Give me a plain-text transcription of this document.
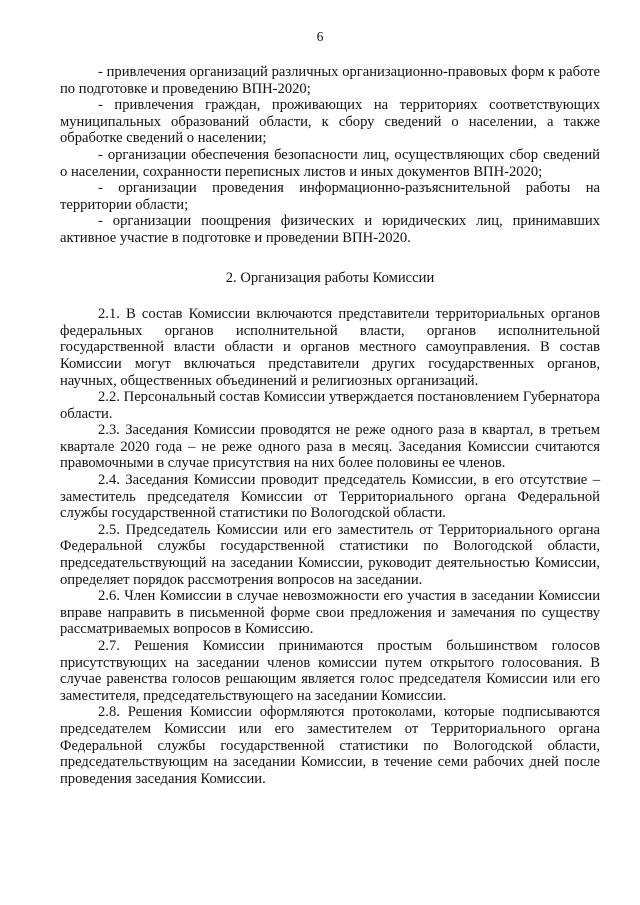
6

- привлечения организаций различных организационно-правовых форм к работе по подготовке и проведению ВПН-2020;

- привлечения граждан, проживающих на территориях соответствующих муниципальных образований области, к сбору сведений о населении, а также обработке сведений о населении;

- организации обеспечения безопасности лиц, осуществляющих сбор сведений о населении, сохранности переписных листов и иных документов ВПН-2020;

- организации проведения информационно-разъяснительной работы на территории области;

- организации поощрения физических и юридических лиц, принимавших активное участие в подготовке и проведении ВПН-2020.

2. Организация работы Комиссии

2.1. В состав Комиссии включаются представители территориальных органов федеральных органов исполнительной власти, органов исполнительной государственной власти области и органов местного самоуправления. В состав Комиссии могут включаться представители других государственных органов, научных, общественных объединений и религиозных организаций.

2.2. Персональный состав Комиссии утверждается постановлением Губернатора области.

2.3. Заседания Комиссии проводятся не реже одного раза в квартал, в третьем квартале 2020 года – не реже одного раза в месяц. Заседания Комиссии считаются правомочными в случае присутствия на них более половины ее членов.

2.4. Заседания Комиссии проводит председатель Комиссии, в его отсутствие – заместитель председателя Комиссии от Территориального органа Федеральной службы государственной статистики по Вологодской области.

2.5. Председатель Комиссии или его заместитель от Территориального органа Федеральной службы государственной статистики по Вологодской области, председательствующий на заседании Комиссии, руководит деятельностью Комиссии, определяет порядок рассмотрения вопросов на заседании.

2.6. Член Комиссии в случае невозможности его участия в заседании Комиссии вправе направить в письменной форме свои предложения и замечания по существу рассматриваемых вопросов в Комиссию.

2.7. Решения Комиссии принимаются простым большинством голосов присутствующих на заседании членов комиссии путем открытого голосования. В случае равенства голосов решающим является голос председателя Комиссии или его заместителя, председательствующего на заседании Комиссии.

2.8. Решения Комиссии оформляются протоколами, которые подписываются председателем Комиссии или его заместителем от Территориального органа Федеральной службы государственной статистики по Вологодской области, председательствующим на заседании Комиссии, в течение семи рабочих дней после проведения заседания Комиссии.
